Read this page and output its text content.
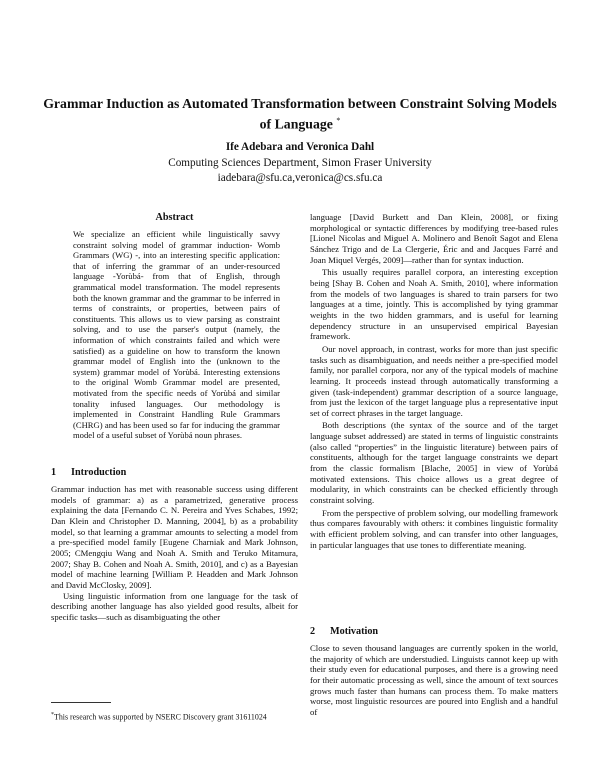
Grammar Induction as Automated Transformation between Constraint Solving Models of Language *
Ife Adebara and Veronica Dahl
Computing Sciences Department, Simon Fraser University
iadebara@sfu.ca,veronica@cs.sfu.ca
Abstract
We specialize an efficient while linguistically savvy constraint solving model of grammar induction- Womb Grammars (WG) -, into an interesting specific application: that of inferring the grammar of an under-resourced language -Yorùbá- from that of English, through grammatical model transformation. The model represents both the known grammar and the grammar to be inferred in terms of constraints, or properties, between pairs of constituents. This allows us to view parsing as constraint solving, and to use the parser's output (namely, the information of which constraints failed and which were satisfied) as a guideline on how to transform the known grammar model of English into the (unknown to the system) grammar model of Yorùbá. Interesting extensions to the original Womb Grammar model are presented, motivated from the specific needs of Yorùbá and similar tonality infused languages. Our methodology is implemented in Constraint Handling Rule Grammars (CHRG) and has been used so far for inducing the grammar model of a useful subset of Yorùbá noun phrases.
1 Introduction

Grammar induction has met with reasonable success using different models of grammar: a) as a parametrized, generative process explaining the data [Fernando C. N. Pereira and Yves Schabes, 1992; Dan Klein and Christopher D. Manning, 2004], b) as a probability model, so that learning a grammar amounts to selecting a model from a pre-specified model family [Eugene Charniak and Mark Johnson, 2005; CMengqiu Wang and Noah A. Smith and Teruko Mitamura, 2007; Shay B. Cohen and Noah A. Smith, 2010], and c) as a Bayesian model of machine learning [William P. Headden and Mark Johnson and David McClosky, 2009].

Using linguistic information from one language for the task of describing another language has also yielded good results, albeit for specific tasks—such as disambiguating the other

*This research was supported by NSERC Discovery grant 31611024

language [David Burkett and Dan Klein, 2008], or fixing morphological or syntactic differences by modifying tree-based rules [Lionel Nicolas and Miguel A. Molinero and Benoît Sagot and Elena Sánchez Trigo and de La Clergerie, Éric and and Jacques Farré and Joan Miquel Vergés, 2009]—rather than for syntax induction.

This usually requires parallel corpora, an interesting exception being [Shay B. Cohen and Noah A. Smith, 2010], where information from the models of two languages is shared to train parsers for two languages at a time, jointly. This is accomplished by tying grammar weights in the two hidden grammars, and is useful for learning dependency structure in an unsupervised empirical Bayesian framework.

Our novel approach, in contrast, works for more than just specific tasks such as disambiguation, and needs neither a pre-specified model family, nor parallel corpora, nor any of the typical models of machine learning. It proceeds instead through automatically transforming a given (task-independent) grammar description of a source language, from just the lexicon of the target language plus a representative input set of correct phrases in the target language.

Both descriptions (the syntax of the source and of the target language subset addressed) are stated in terms of linguistic constraints (also called “properties” in the linguistic literature) between pairs of constituents, although for the target language constraints we depart from the classic formalism [Blache, 2005] in view of Yorùbá motivated extensions. This choice allows us a great degree of modularity, in which constraints can be checked efficiently through constraint solving.

From the perspective of problem solving, our modelling framework thus compares favourably with others: it combines linguistic formality with efficient problem solving, and can transfer into other languages, in particular languages that use tones to differentiate meaning.

2 Motivation

Close to seven thousand languages are currently spoken in the world, the majority of which are understudied. Linguists cannot keep up with their study even for educational purposes, and there is a growing need for their automatic processing as well, since the amount of text sources grows much faster than humans can process them. To make matters worse, most linguistic resources are poured into English and a handful of
